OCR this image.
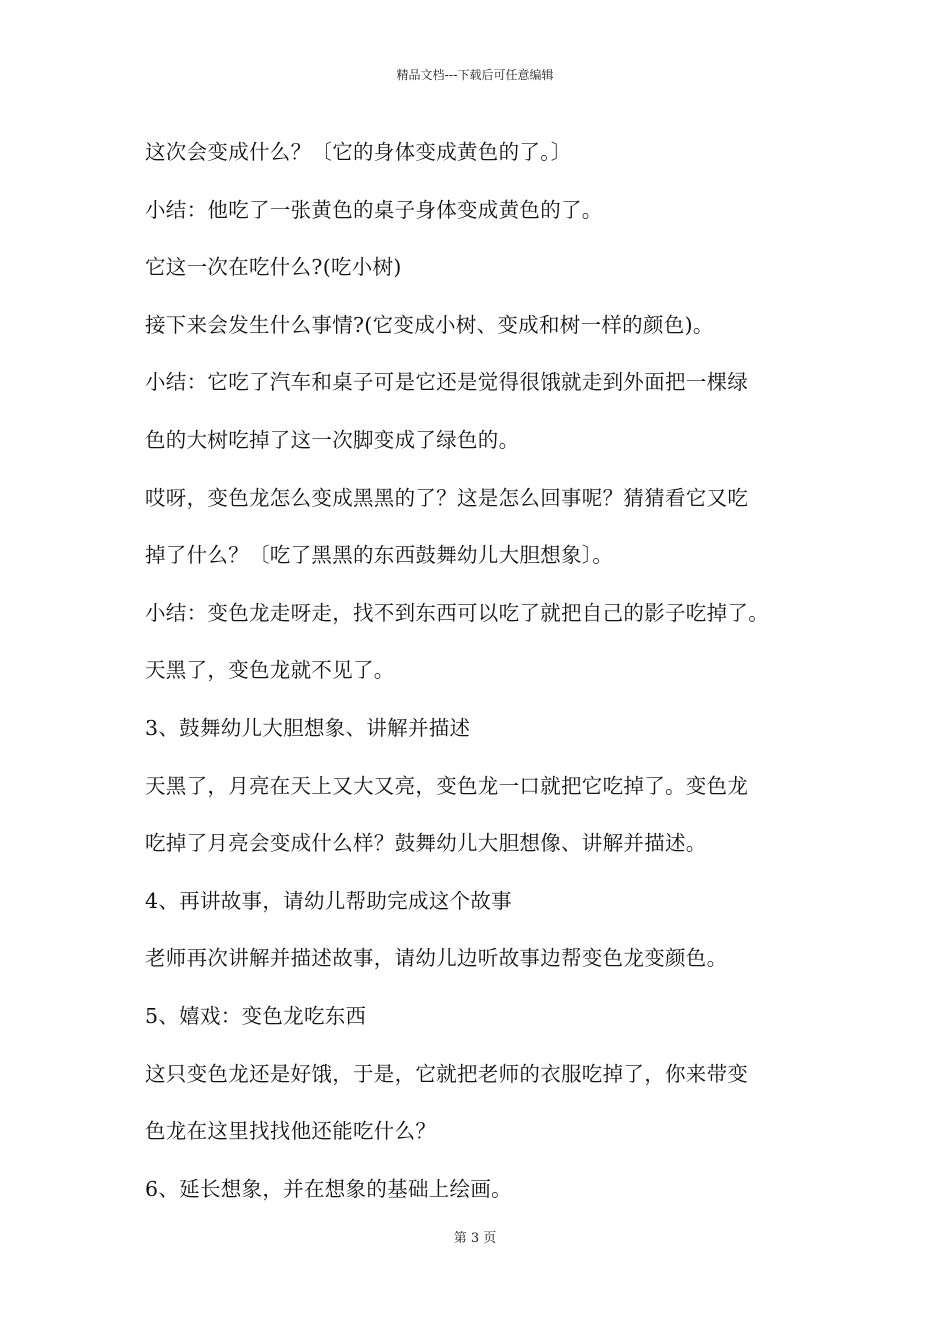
精品文档---下载后可任意编辑
这次会变成什么？〔它的身体变成黄色的了。〕
小结：他吃了一张黄色的桌子身体变成黄色的了。
它这一次在吃什么?(吃小树)
接下来会发生什么事情?(它变成小树、变成和树一样的颜色)。
小结：它吃了汽车和桌子可是它还是觉得很饿就走到外面把一棵绿
色的大树吃掉了这一次脚变成了绿色的。
哎呀，变色龙怎么变成黑黑的了？这是怎么回事呢？猜猜看它又吃
掉了什么？〔吃了黑黑的东西鼓舞幼儿大胆想象〕。
小结：变色龙走呀走，找不到东西可以吃了就把自己的影子吃掉了。
天黑了，变色龙就不见了。
3、鼓舞幼儿大胆想象、讲解并描述
天黑了，月亮在天上又大又亮，变色龙一口就把它吃掉了。变色龙
吃掉了月亮会变成什么样？鼓舞幼儿大胆想像、讲解并描述。
4、再讲故事，请幼儿帮助完成这个故事
老师再次讲解并描述故事，请幼儿边听故事边帮变色龙变颜色。
5、嬉戏：变色龙吃东西
这只变色龙还是好饿，于是，它就把老师的衣服吃掉了，你来带变
色龙在这里找找他还能吃什么？
6、延长想象，并在想象的基础上绘画。
第 3 页
